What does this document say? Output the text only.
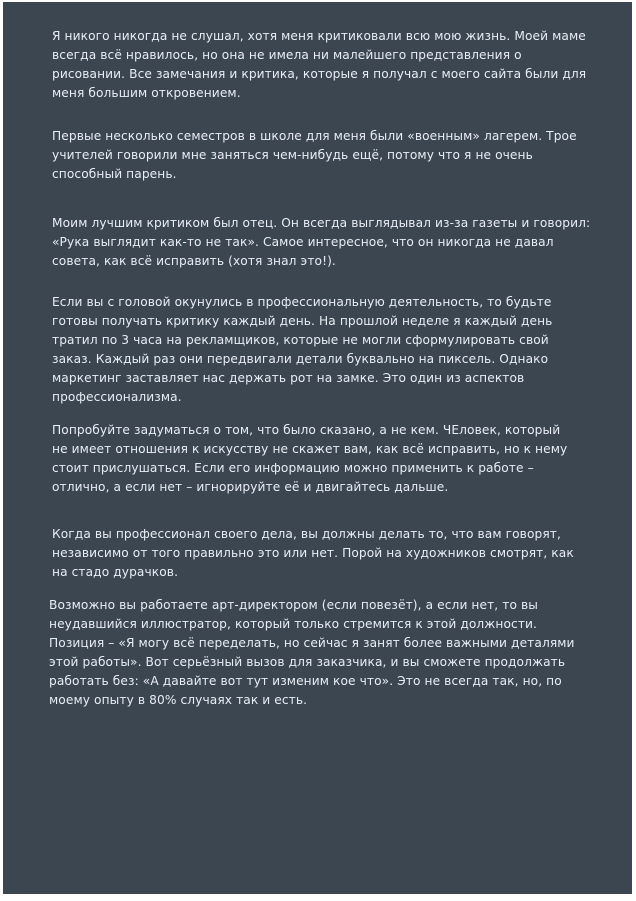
Я никого никогда не слушал, хотя меня критиковали всю мою жизнь. Моей маме
всегда всё нравилось, но она не имела ни малейшего представления о
рисовании. Все замечания и критика, которые я получал с моего сайта были для
меня большим откровением.

Первые несколько семестров в школе для меня были «военным» лагерем. Трое
учителей говорили мне заняться чем-нибудь ещё, потому что я не очень
способный парень.

Моим лучшим критиком был отец. Он всегда выглядывал из-за газеты и говорил:
«Рука выглядит как-то не так». Самое интересное, что он никогда не давал
совета, как всё исправить (хотя знал это!).

Если вы с головой окунулись в профессиональную деятельность, то будьте
готовы получать критику каждый день. На прошлой неделе я каждый день
тратил по 3 часа на рекламщиков, которые не могли сформулировать свой
заказ. Каждый раз они передвигали детали буквально на пиксель. Однако
маркетинг заставляет нас держать рот на замке. Это один из аспектов
профессионализма.

Попробуйте задуматься о том, что было сказано, а не кем. ЧЕловек, который
не имеет отношения к искусству не скажет вам, как всё исправить, но к нему
стоит прислушаться. Если его информацию можно применить к работе –
отлично, а если нет – игнорируйте её и двигайтесь дальше.

Когда вы профессионал своего дела, вы должны делать то, что вам говорят,
независимо от того правильно это или нет. Порой на художников смотрят, как
на стадо дурачков.

Возможно вы работаете арт-директором (если повезёт), а если нет, то вы
неудавшийся иллюстратор, который только стремится к этой должности.
Позиция – «Я могу всё переделать, но сейчас я занят более важными деталями
этой работы». Вот серьёзный вызов для заказчика, и вы сможете продолжать
работать без: «А давайте вот тут изменим кое что». Это не всегда так, но, по
моему опыту в 80% случаях так и есть.
